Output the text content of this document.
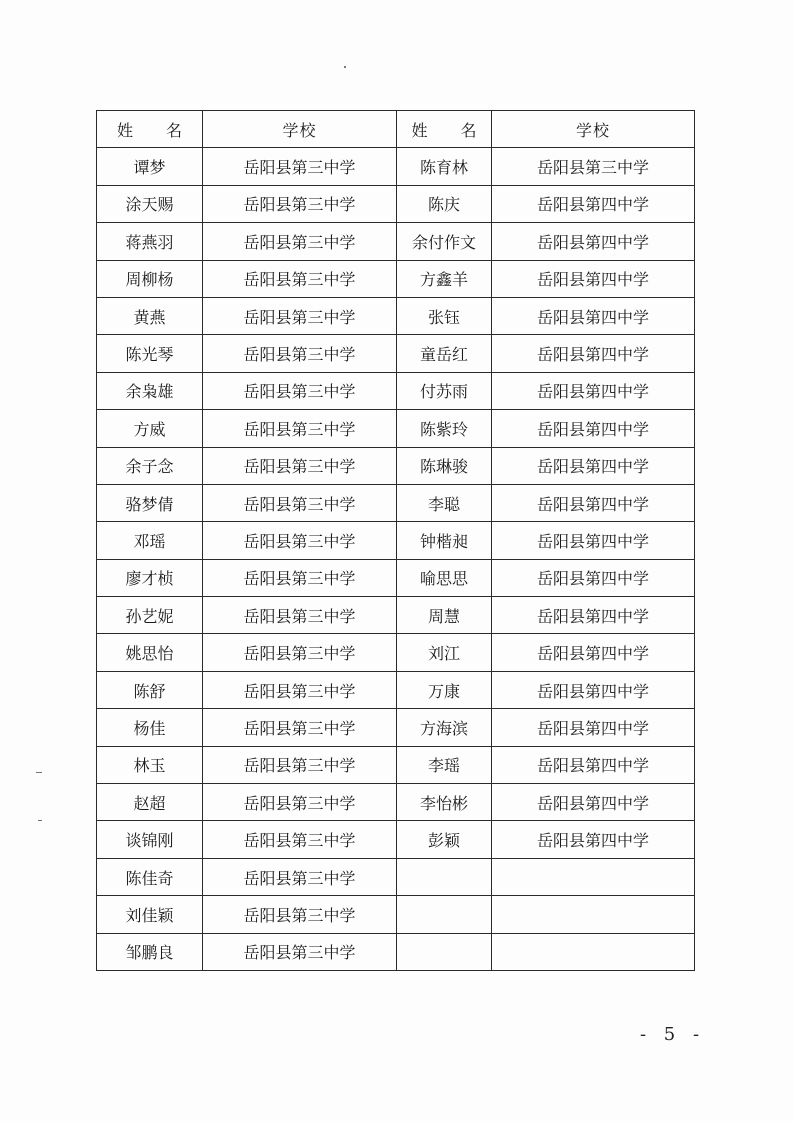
姓 名	学校	姓 名	学校
谭梦	岳阳县第三中学	陈育林	岳阳县第三中学
涂天赐	岳阳县第三中学	陈庆	岳阳县第四中学
蒋燕羽	岳阳县第三中学	余付作文	岳阳县第四中学
周柳杨	岳阳县第三中学	方鑫羊	岳阳县第四中学
黄燕	岳阳县第三中学	张钰	岳阳县第四中学
陈光琴	岳阳县第三中学	童岳红	岳阳县第四中学
余枭雄	岳阳县第三中学	付苏雨	岳阳县第四中学
方威	岳阳县第三中学	陈紫玲	岳阳县第四中学
余子念	岳阳县第三中学	陈琳骏	岳阳县第四中学
骆梦倩	岳阳县第三中学	李聪	岳阳县第四中学
邓瑶	岳阳县第三中学	钟楷昶	岳阳县第四中学
廖才桢	岳阳县第三中学	喻思思	岳阳县第四中学
孙艺妮	岳阳县第三中学	周慧	岳阳县第四中学
姚思怡	岳阳县第三中学	刘江	岳阳县第四中学
陈舒	岳阳县第三中学	万康	岳阳县第四中学
杨佳	岳阳县第三中学	方海滨	岳阳县第四中学
林玉	岳阳县第三中学	李瑶	岳阳县第四中学
赵超	岳阳县第三中学	李怡彬	岳阳县第四中学
谈锦刚	岳阳县第三中学	彭颖	岳阳县第四中学
陈佳奇	岳阳县第三中学		
刘佳颖	岳阳县第三中学		
邹鹏良	岳阳县第三中学		
- 5 -
